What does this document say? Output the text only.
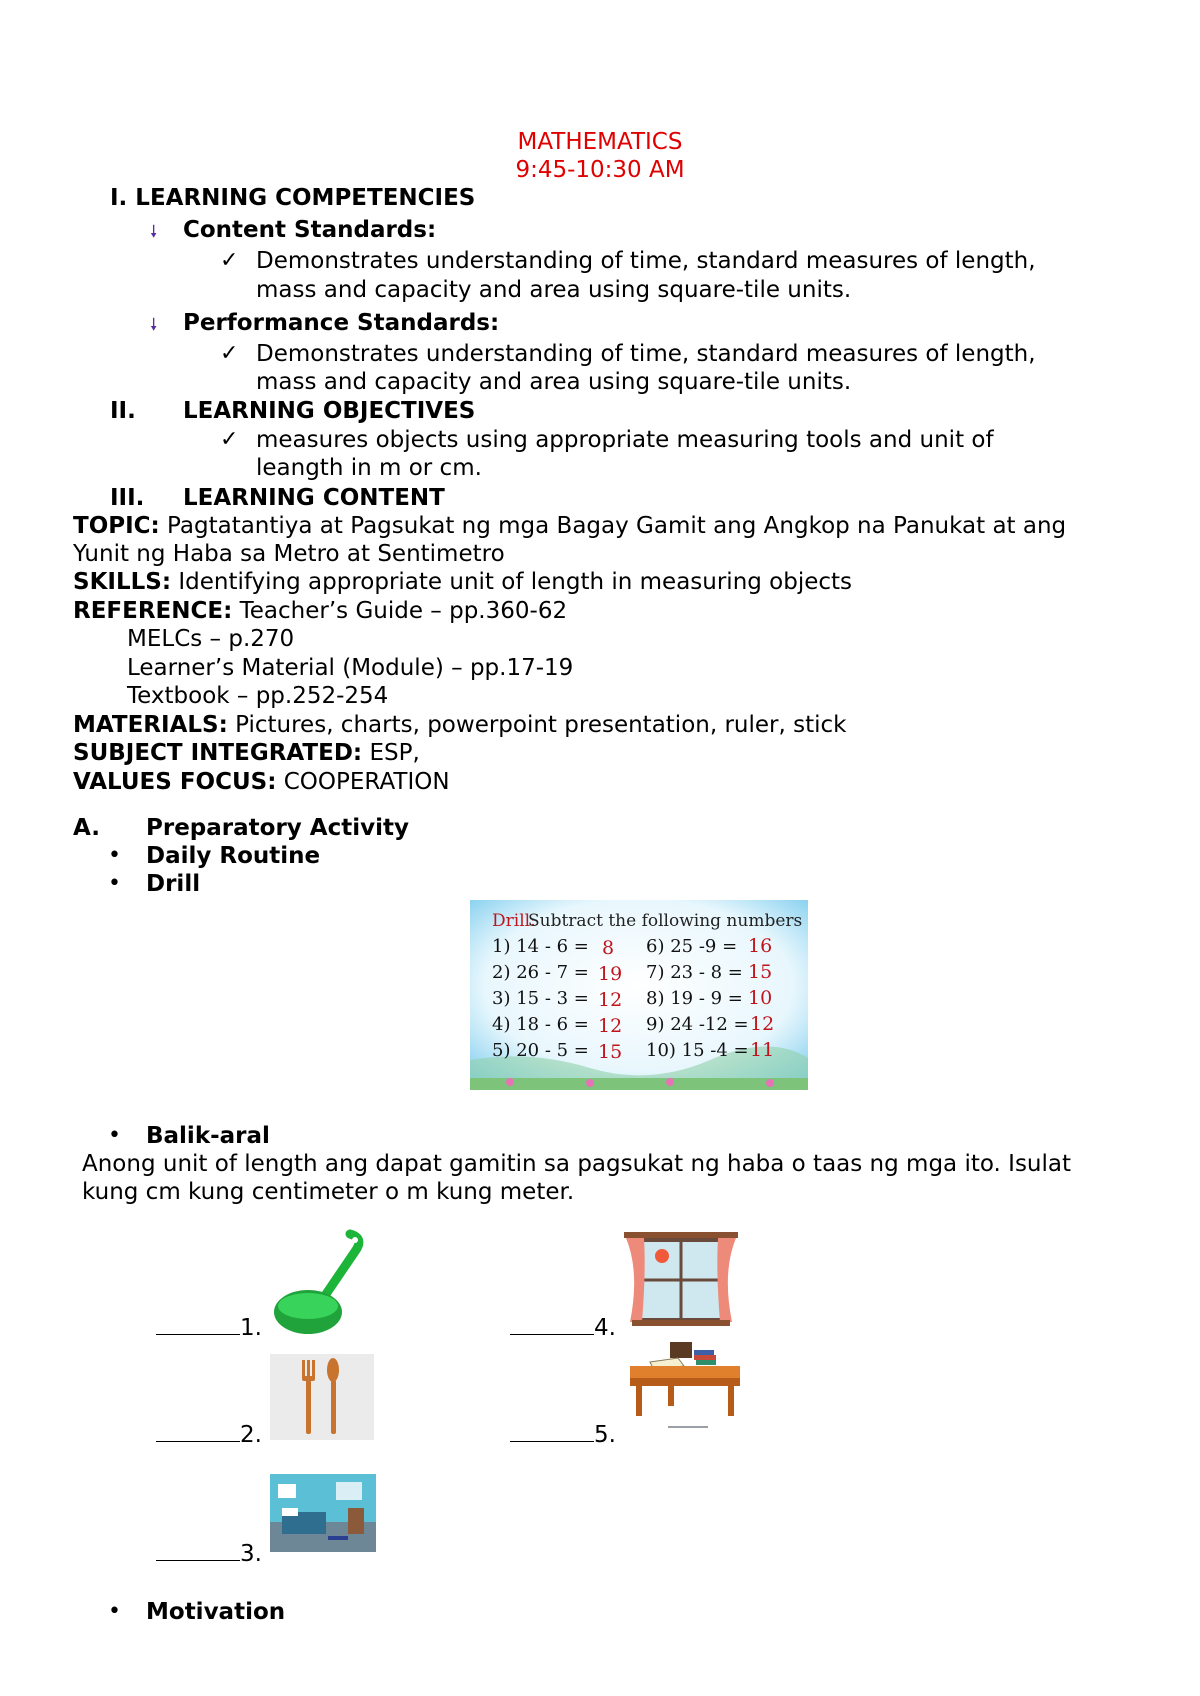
MATHEMATICS
9:45-10:30 AM
I. LEARNING COMPETENCIES
🠗 Content Standards:
✓ Demonstrates understanding of time, standard measures of length,
mass and capacity and area using square-tile units.
🠗 Performance Standards:
✓ Demonstrates understanding of time, standard measures of length,
mass and capacity and area using square-tile units.
II. LEARNING OBJECTIVES
✓ measures objects using appropriate measuring tools and unit of
leangth in m or cm.
III. LEARNING CONTENT
TOPIC: Pagtatantiya at Pagsukat ng mga Bagay Gamit ang Angkop na Panukat at ang
Yunit ng Haba sa Metro at Sentimetro
SKILLS: Identifying appropriate unit of length in measuring objects
REFERENCE: Teacher’s Guide – pp.360-62
MELCs – p.270
Learner’s Material (Module) – pp.17-19
Textbook – pp.252-254
MATERIALS: Pictures, charts, powerpoint presentation, ruler, stick
SUBJECT INTEGRATED: ESP,
VALUES FOCUS: COOPERATION
A. Preparatory Activity
• Daily Routine
• Drill
Drill:
Subtract the following numbers
1) 14 - 6 =
2) 26 - 7 =
3) 15 - 3 =
4) 18 - 6 =
5) 20 - 5 =
6) 25 -9 =
7) 23 - 8 =
8) 19 - 9 =
9) 24 -12 =
10) 15 -4 =
8
19
12
12
15
16
15
10
12
11
• Balik-aral
Anong unit of length ang dapat gamitin sa pagsukat ng haba o taas ng mga ito. Isulat
kung cm kung centimeter o m kung meter.
1.
2.
3.
4.
5.
• Motivation
